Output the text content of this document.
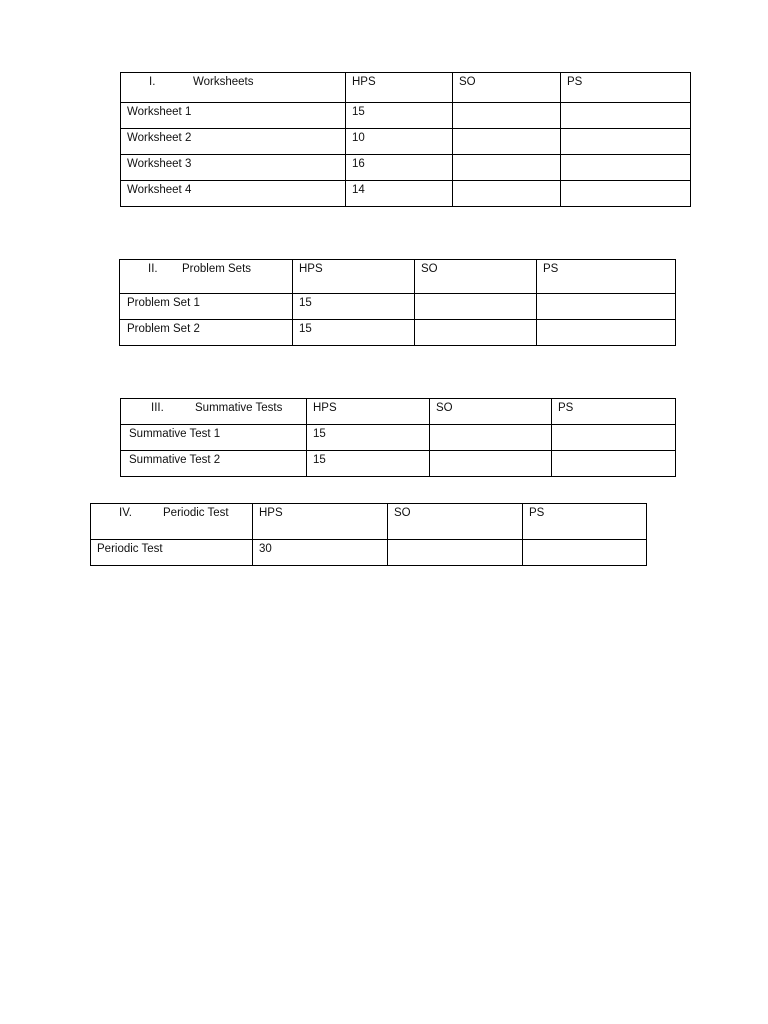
I. Worksheets	HPS	SO	PS
Worksheet 1	15		
Worksheet 2	10		
Worksheet 3	16		
Worksheet 4	14		
II. Problem Sets	HPS	SO	PS
Problem Set 1	15		
Problem Set 2	15		
III. Summative Tests	HPS	SO	PS
Summative Test 1	15		
Summative Test 2	15		
IV. Periodic Test	HPS	SO	PS
Periodic Test	30		
